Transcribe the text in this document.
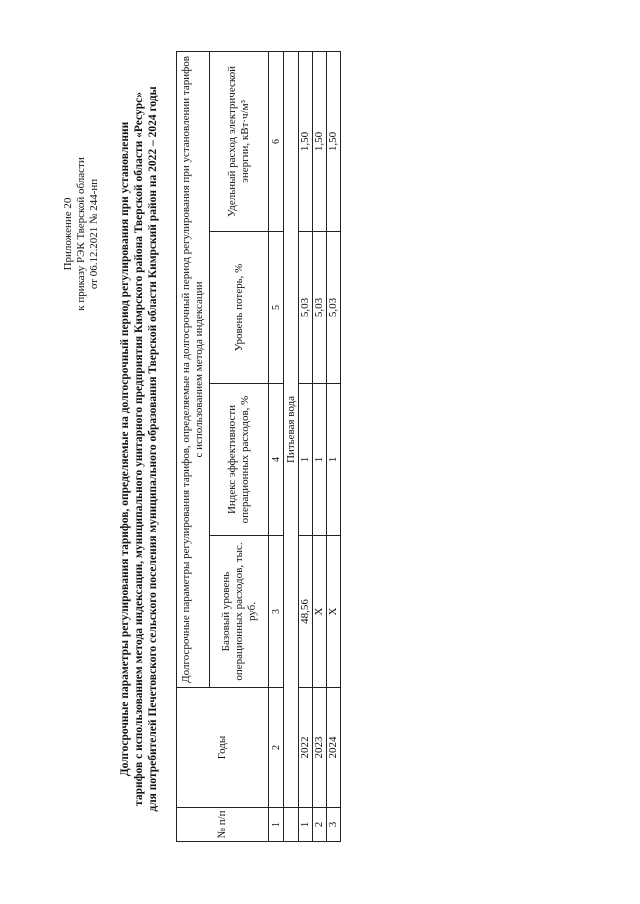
Приложение 20 к приказу РЭК Тверской области от 06.12.2021 № 244-нп Долгосрочные параметры регулирования тарифов, определяемые на долгосрочный период регулирования при установлении тарифов с использованием метода индексации, муниципального унитарного предприятия Кимрского района Тверской области «Ресурс» для потребителей Печетовского сельского поселения муниципального образования Тверской области Кимрский район на 2022 – 2024 годы
№ п/п	Годы	Долгосрочные параметры регулирования тарифов, определяемые на долгосрочный период регулирования при установлении тарифов с использованием метода индексации			
		Базовый уровень операционных расходов, тыс. руб.	Индекс эффективности операционных расходов, %	Уровень потерь, %	Удельный расход электрической энергии, кВт·ч/м³
1	2	3	4	5	6
	Питьевая вода				
1	2022	48,56	1	5,03	1,50
2	2023	Х	1	5,03	1,50
3	2024	Х	1	5,03	1,50
